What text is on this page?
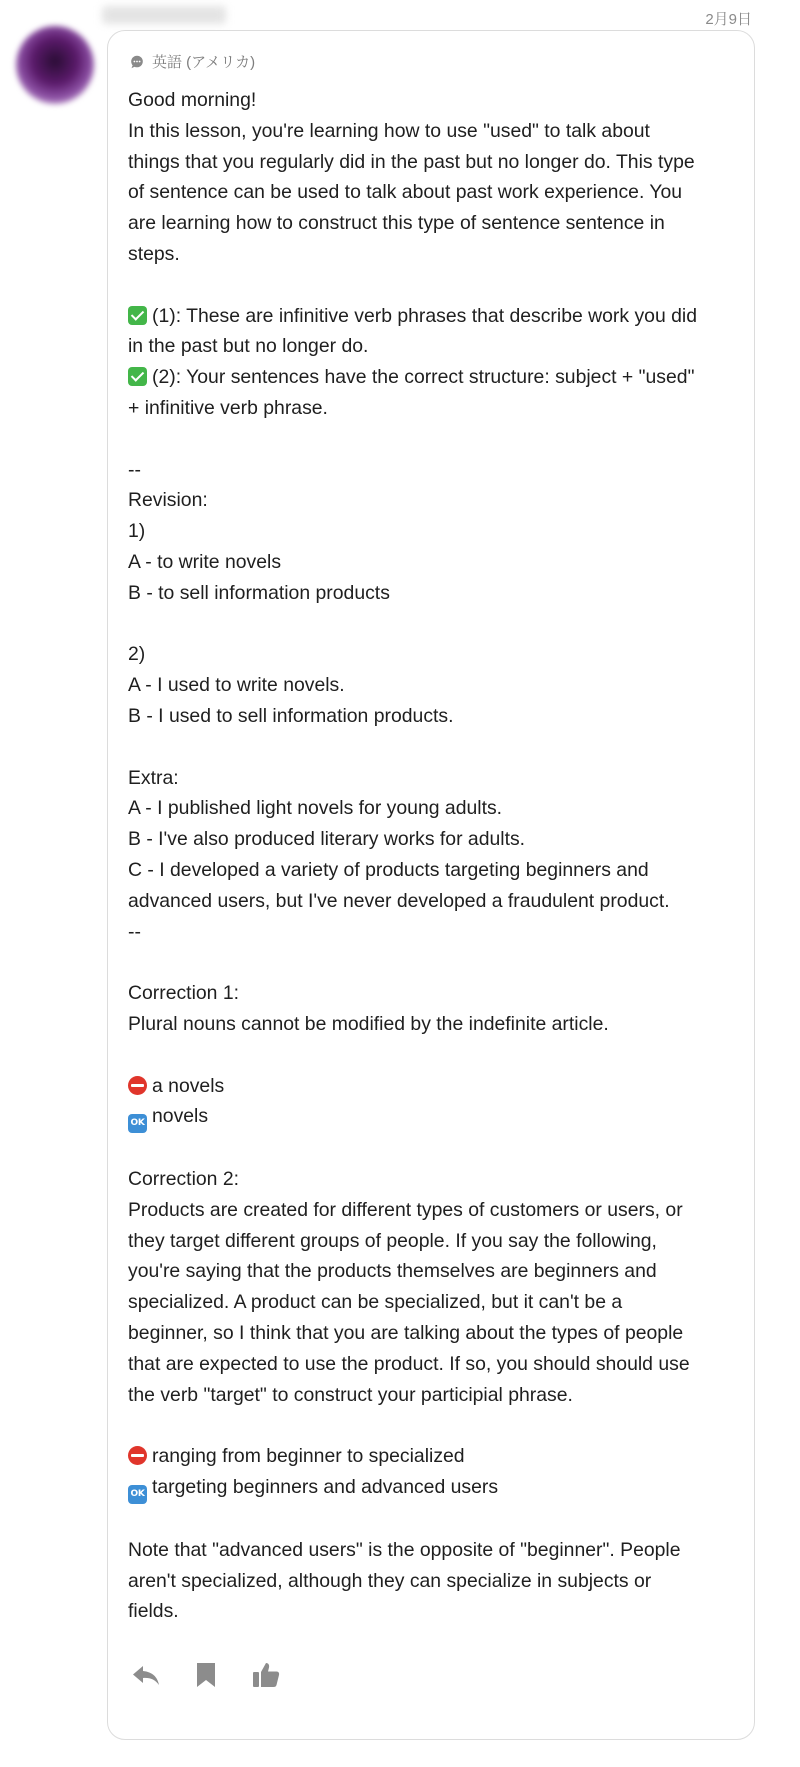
2月9日
英語 (アメリカ)
Good morning!
In this lesson, you're learning how to use "used" to talk about
things that you regularly did in the past but no longer do. This type
of sentence can be used to talk about past work experience. You
are learning how to construct this type of sentence sentence in
steps.
(1): These are infinitive verb phrases that describe work you did
in the past but no longer do.
(2): Your sentences have the correct structure: subject + "used"
+ infinitive verb phrase.
--
Revision:
1)
A - to write novels
B - to sell information products
2)
A - I used to write novels.
B - I used to sell information products.
Extra:
A - I published light novels for young adults.
B - I've also produced literary works for adults.
C - I developed a variety of products targeting beginners and
advanced users, but I've never developed a fraudulent product.
--
Correction 1:
Plural nouns cannot be modified by the indefinite article.
a novels
OK novels
Correction 2:
Products are created for different types of customers or users, or
they target different groups of people. If you say the following,
you're saying that the products themselves are beginners and
specialized. A product can be specialized, but it can't be a
beginner, so I think that you are talking about the types of people
that are expected to use the product. If so, you should should use
the verb "target" to construct your participial phrase.
ranging from beginner to specialized
OK targeting beginners and advanced users
Note that "advanced users" is the opposite of "beginner". People
aren't specialized, although they can specialize in subjects or
fields.
